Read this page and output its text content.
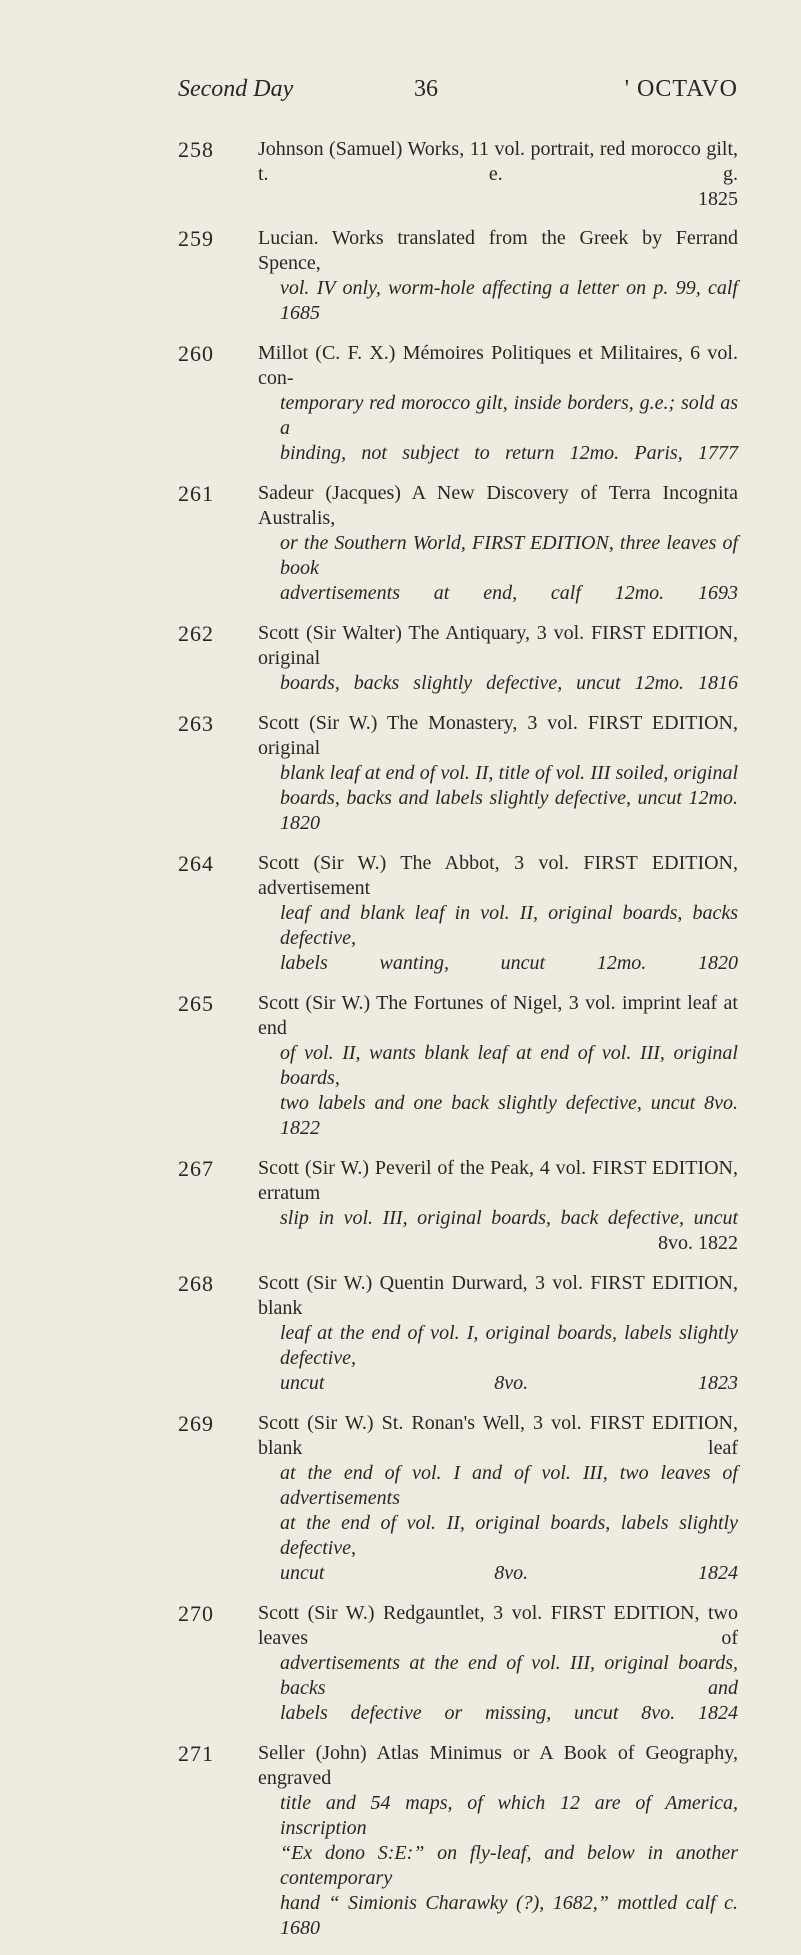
Second Day	36	' OCTAVO
258 Johnson (Samuel) Works, 11 vol. portrait, red morocco gilt, t. e. g.
1825
259 Lucian. Works translated from the Greek by Ferrand Spence,
vol. IV only, worm-hole affecting a letter on p. 99, calf 1685
260 Millot (C. F. X.) Mémoires Politiques et Militaires, 6 vol. con-
temporary red morocco gilt, inside borders, g.e.; sold as a
binding, not subject to return 12mo. Paris, 1777
261 Sadeur (Jacques) A New Discovery of Terra Incognita Australis,
or the Southern World, FIRST EDITION, three leaves of book
advertisements at end, calf 12mo. 1693
262 Scott (Sir Walter) The Antiquary, 3 vol. FIRST EDITION, original
boards, backs slightly defective, uncut 12mo. 1816
263 Scott (Sir W.) The Monastery, 3 vol. FIRST EDITION, original
blank leaf at end of vol. II, title of vol. III soiled, original
boards, backs and labels slightly defective, uncut 12mo. 1820
264 Scott (Sir W.) The Abbot, 3 vol. FIRST EDITION, advertisement
leaf and blank leaf in vol. II, original boards, backs defective,
labels wanting, uncut 12mo. 1820
265 Scott (Sir W.) The Fortunes of Nigel, 3 vol. imprint leaf at end
of vol. II, wants blank leaf at end of vol. III, original boards,
two labels and one back slightly defective, uncut 8vo. 1822
267 Scott (Sir W.) Peveril of the Peak, 4 vol. FIRST EDITION, erratum
slip in vol. III, original boards, back defective, uncut
8vo. 1822
268 Scott (Sir W.) Quentin Durward, 3 vol. FIRST EDITION, blank
leaf at the end of vol. I, original boards, labels slightly defective,
uncut 8vo. 1823
269 Scott (Sir W.) St. Ronan's Well, 3 vol. FIRST EDITION, blank leaf
at the end of vol. I and of vol. III, two leaves of advertisements
at the end of vol. II, original boards, labels slightly defective,
uncut 8vo. 1824
270 Scott (Sir W.) Redgauntlet, 3 vol. FIRST EDITION, two leaves of
advertisements at the end of vol. III, original boards, backs and
labels defective or missing, uncut 8vo. 1824
271 Seller (John) Atlas Minimus or A Book of Geography, engraved
title and 54 maps, of which 12 are of America, inscription
“Ex dono S:E:” on fly-leaf, and below in another contemporary
hand “ Simionis Charawky (?), 1682,” mottled calf c. 1680
